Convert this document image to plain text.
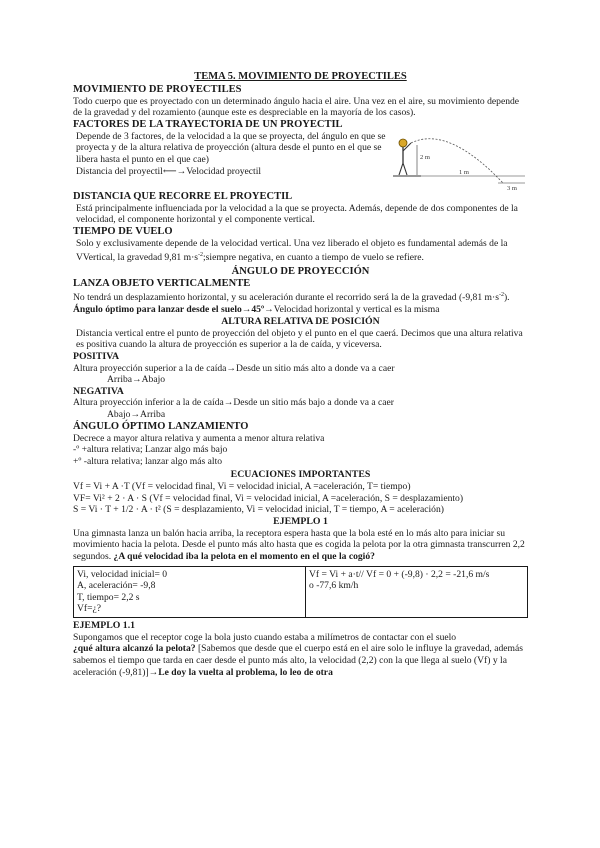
TEMA 5. MOVIMIENTO DE PROYECTILES

MOVIMIENTO DE PROYECTILES

Todo cuerpo que es proyectado con un determinado ángulo hacia el aire. Una vez en el aire, su movimiento depende de la gravedad y del rozamiento (aunque este es despreciable en la mayoría de los casos).

FACTORES DE LA TRAYECTORIA DE UN PROYECTIL

Depende de 3 factores, de la velocidad a la que se proyecta, del ángulo en que se proyecta y de la altura relativa de proyección (altura desde el punto en el que se libera hasta el punto en el que cae)

Distancia del proyectil⟵→Velocidad proyectil

2 m
1 m
3 m
DISTANCIA QUE RECORRE EL PROYECTIL

Está principalmente influenciada por la velocidad a la que se proyecta. Además, depende de dos componentes de la velocidad, el componente horizontal y el componente vertical.

TIEMPO DE VUELO

Solo y exclusivamente depende de la velocidad vertical. Una vez liberado el objeto es fundamental además de la VVertical, la gravedad 9,81 $m\cdot s^{-2};siempre$ negativa, en cuanto a tiempo de vuelo se refiere.

ÁNGULO DE PROYECCIÓN
LANZA OBJETO VERTICALMENTE

No tendrá un desplazamiento horizontal, y su aceleración durante el recorrido será la de la gravedad (-9,81 $m\cdot s^{-2}$).

Ángulo óptimo para lanzar desde el suelo→45º→Velocidad horizontal y vertical es la misma

ALTURA RELATIVA DE POSICIÓN

Distancia vertical entre el punto de proyección del objeto y el punto en el que caerá. Decimos que una altura relativa es positiva cuando la altura de proyección es superior a la de caída, y viceversa.

POSITIVA

Altura proyección superior a la de caída→Desde un sitio más alto a donde va a caer

Arriba→Abajo

NEGATIVA

Altura proyección inferior a la de caída→Desde un sitio más bajo a donde va a caer

Abajo→Arriba

ÁNGULO ÓPTIMO LANZAMIENTO

Decrece a mayor altura relativa y aumenta a menor altura relativa

-º +altura relativa; Lanzar algo más bajo

+º -altura relativa; lanzar algo más alto

ECUACIONES IMPORTANTES

Vf = Vi + A ·T (Vf = velocidad final, Vi = velocidad inicial, A =aceleración, T= tiempo)

VF= Vi² + 2 · A · S (Vf = velocidad final, Vi = velocidad inicial, A =aceleración, S = desplazamiento)

S = Vi · T + 1/2 · A · t² (S = desplazamiento, Vi = velocidad inicial, T = tiempo, A = aceleración)

EJEMPLO 1

Una gimnasta lanza un balón hacia arriba, la receptora espera hasta que la bola esté en lo más alto para iniciar su movimiento hacia la pelota. Desde el punto más alto hasta que es cogida la pelota por la otra gimnasta transcurren 2,2 segundos. ¿A qué velocidad iba la pelota en el momento en el que la cogió?

Vi, velocidad inicial= 0
A, aceleración= -9,8
T, tiempo= 2,2 s
Vf=¿?

Vf = Vi + a·t// Vf = 0 + (-9,8) · 2,2 = -21,6 m/s
o -77,6 km/h
EJEMPLO 1.1

Supongamos que el receptor coge la bola justo cuando estaba a milímetros de contactar con el suelo

¿qué altura alcanzó la pelota? [Sabemos que desde que el cuerpo está en el aire solo le influye la gravedad, además sabemos el tiempo que tarda en caer desde el punto más alto, la velocidad (2,2) con la que llega al suelo (Vf) y la aceleración (-9,81)]→Le doy la vuelta al problema, lo leo de otra
